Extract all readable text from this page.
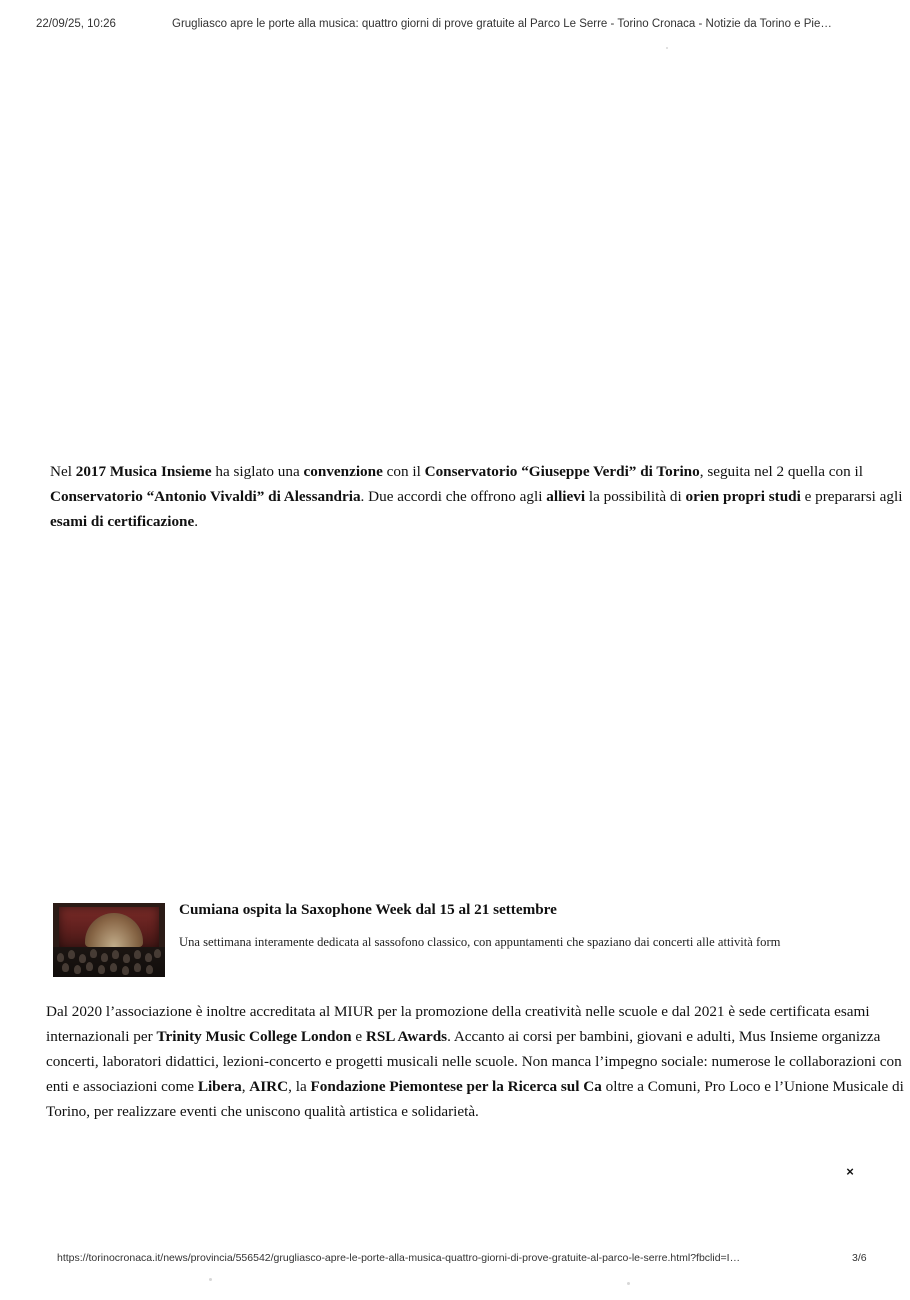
22/09/25, 10:26	Grugliasco apre le porte alla musica: quattro giorni di prove gratuite al Parco Le Serre - Torino Cronaca - Notizie da Torino e Pie…
Nel 2017 Musica Insieme ha siglato una convenzione con il Conservatorio “Giuseppe Verdi” di Torino, seguita nel 2 quella con il Conservatorio “Antonio Vivaldi” di Alessandria. Due accordi che offrono agli allievi la possibilità di orien propri studi e prepararsi agli esami di certificazione.
Cumiana ospita la Saxophone Week dal 15 al 21 settembre
Una settimana interamente dedicata al sassofono classico, con appuntamenti che spaziano dai concerti alle attività form
Dal 2020 l’associazione è inoltre accreditata al MIUR per la promozione della creatività nelle scuole e dal 2021 è sede certificata esami internazionali per Trinity Music College London e RSL Awards. Accanto ai corsi per bambini, giovani e adulti, Mus Insieme organizza concerti, laboratori didattici, lezioni-concerto e progetti musicali nelle scuole. Non manca l’impegno sociale: numerose le collaborazioni con enti e associazioni come Libera, AIRC, la Fondazione Piemontese per la Ricerca sul Ca oltre a Comuni, Pro Loco e l’Unione Musicale di Torino, per realizzare eventi che uniscono qualità artistica e solidarietà.
×
https://torinocronaca.it/news/provincia/556542/grugliasco-apre-le-porte-alla-musica-quattro-giorni-di-prove-gratuite-al-parco-le-serre.html?fbclid=I…	3/6
